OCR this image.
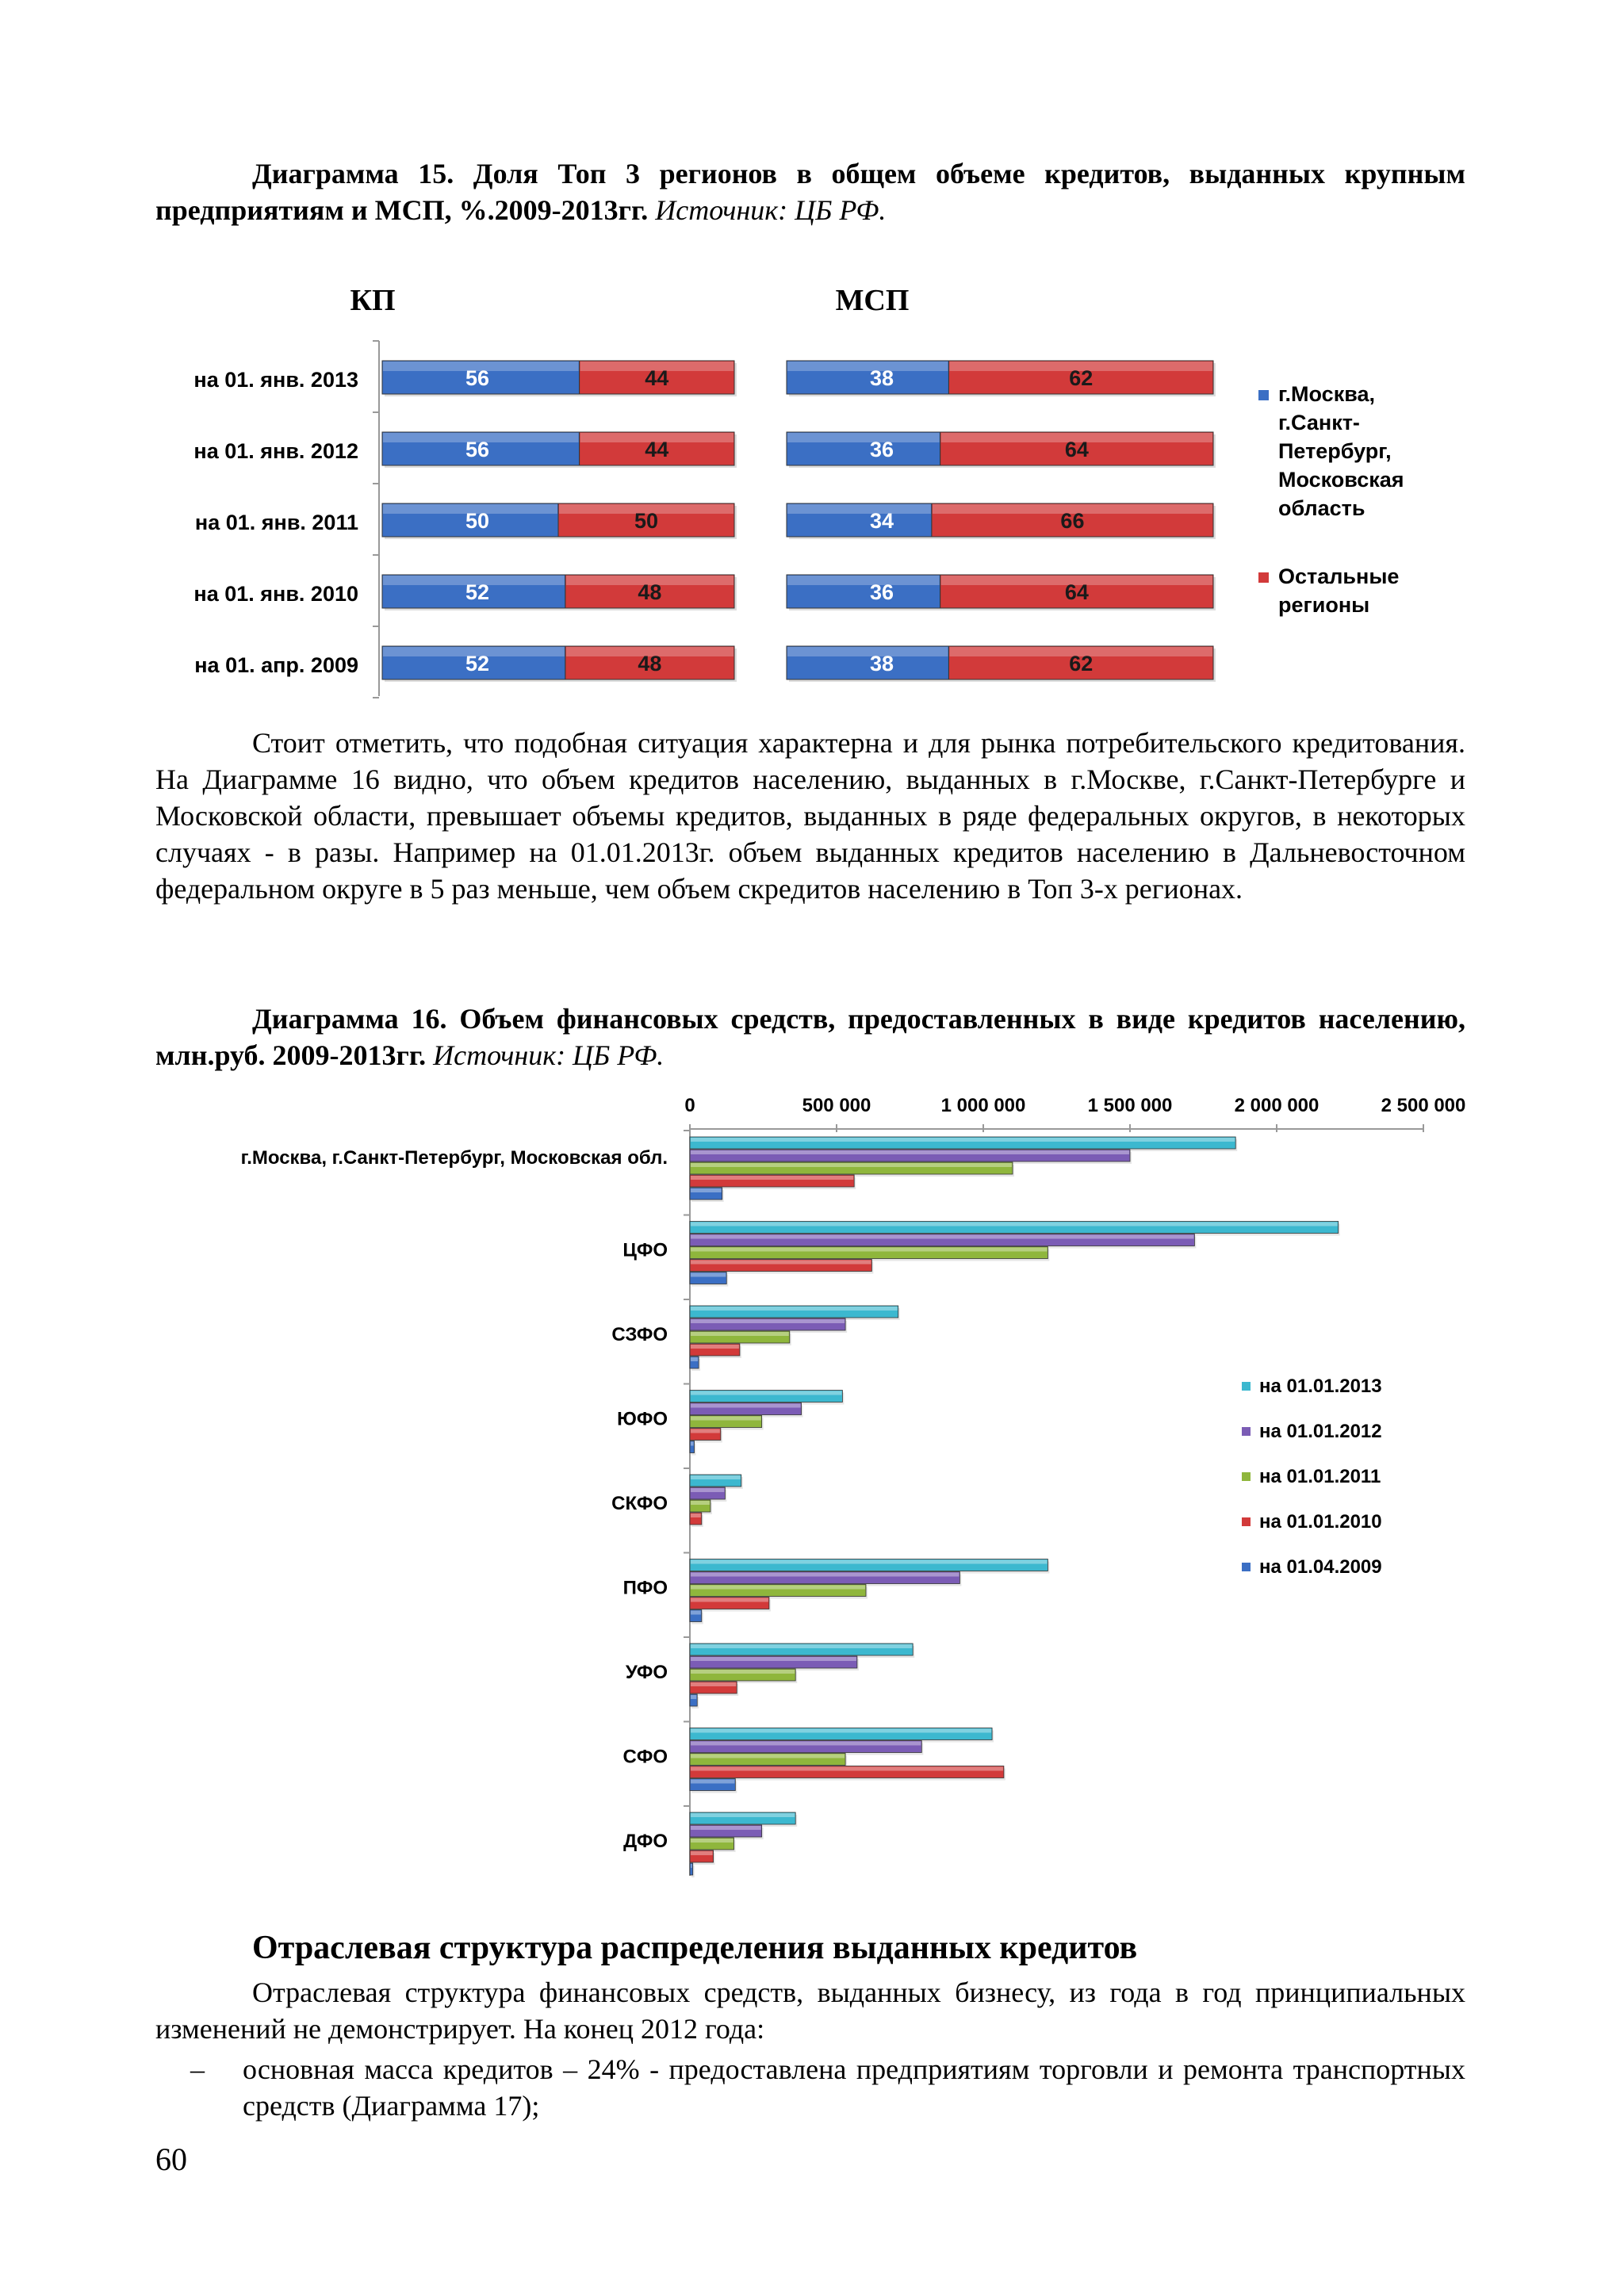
Диаграмма 15. Доля Топ 3 регионов в общем объеме кредитов, выданных крупным предприятиям и МСП, %.2009-2013гг. Источник: ЦБ РФ.
КП	МСП
на 01. янв. 2013
на 01. янв. 2012
на 01. янв. 2011
на 01. янв. 2010
на 01. апр. 2009
56	44
56	44
50	50
52	48
52	48
38	62
36	64
34	66
36	64
38	62
г.Москва,
г.Санкт-
Петербург,
Московская
область
Остальные
регионы
Стоит отметить, что подобная ситуация характерна и для рынка потребительского кредитования. На Диаграмме 16 видно, что объем кредитов населению, выданных в г.Москве, г.Санкт-Петербурге и Московской области, превышает объемы кредитов, выданных в ряде федеральных округов, в некоторых случаях - в разы. Например на 01.01.2013г. объем выданных кредитов населению в Дальневосточном федеральном округе в 5 раз меньше, чем объем скредитов населению в Топ 3-х регионах.
Диаграмма 16. Объем финансовых средств, предоставленных в виде кредитов населению, млн.руб. 2009-2013гг. Источник: ЦБ РФ.
0	500 000	1 000 000	1 500 000	2 000 000	2 500 000
г.Москва, г.Санкт-Петербург, Московская обл.
ЦФО
СЗФО
ЮФО
СКФО
ПФО
УФО
СФО
ДФО
на 01.01.2013
на 01.01.2012
на 01.01.2011
на 01.01.2010
на 01.04.2009
Отраслевая структура распределения выданных кредитов
Отраслевая структура финансовых средств, выданных бизнесу, из года в год принципиальных изменений не демонстрирует. На конец 2012 года:
– основная масса кредитов – 24% - предоставлена предприятиям торговли и ремонта транспортных средств (Диаграмма 17);
60
